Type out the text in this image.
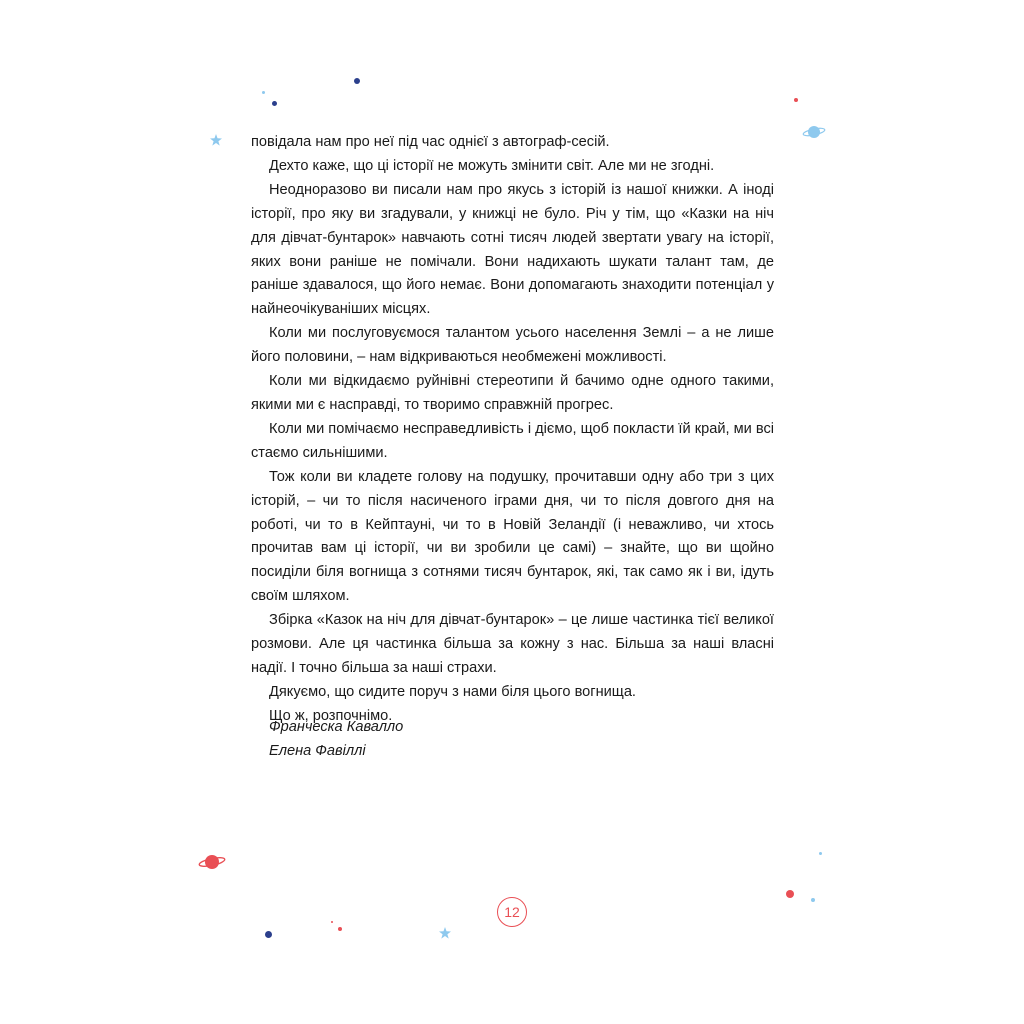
повідала нам про неї під час однієї з автограф-сесій.

Дехто каже, що ці історії не можуть змінити світ. Але ми не згодні.

Неодноразово ви писали нам про якусь з історій із нашої книжки. А іноді історії, про яку ви згадували, у книжці не було. Річ у тім, що «Казки на ніч для дівчат-бунтарок» навчають сотні тисяч людей звертати увагу на історії, яких вони раніше не помічали. Вони надихають шукати талант там, де раніше здавалося, що його немає. Вони допомагають знаходити потенціал у найнеочікуваніших місцях.

Коли ми послуговуємося талантом усього населення Землі – а не лише його половини, – нам відкриваються необмежені можливості.

Коли ми відкидаємо руйнівні стереотипи й бачимо одне одного такими, якими ми є насправді, то творимо справжній прогрес.

Коли ми помічаємо несправедливість і діємо, щоб покласти їй край, ми всі стаємо сильнішими.

Тож коли ви кладете голову на подушку, прочитавши одну або три з цих історій, – чи то після насиченого іграми дня, чи то після довгого дня на роботі, чи то в Кейптауні, чи то в Новій Зеландії (і неважливо, чи хтось прочитав вам ці історії, чи ви зробили це самі) – знайте, що ви щойно посиділи біля вогнища з сотнями тисяч бунтарок, які, так само як і ви, ідуть своїм шляхом.

Збірка «Казок на ніч для дівчат-бунтарок» – це лише частинка тієї великої розмови. Але ця частинка більша за кожну з нас. Більша за наші власні надії. І точно більша за наші страхи.

Дякуємо, що сидите поруч з нами біля цього вогнища.

Що ж, розпочнімо.

Франческа Кавалло
Елена Фавіллі
12
